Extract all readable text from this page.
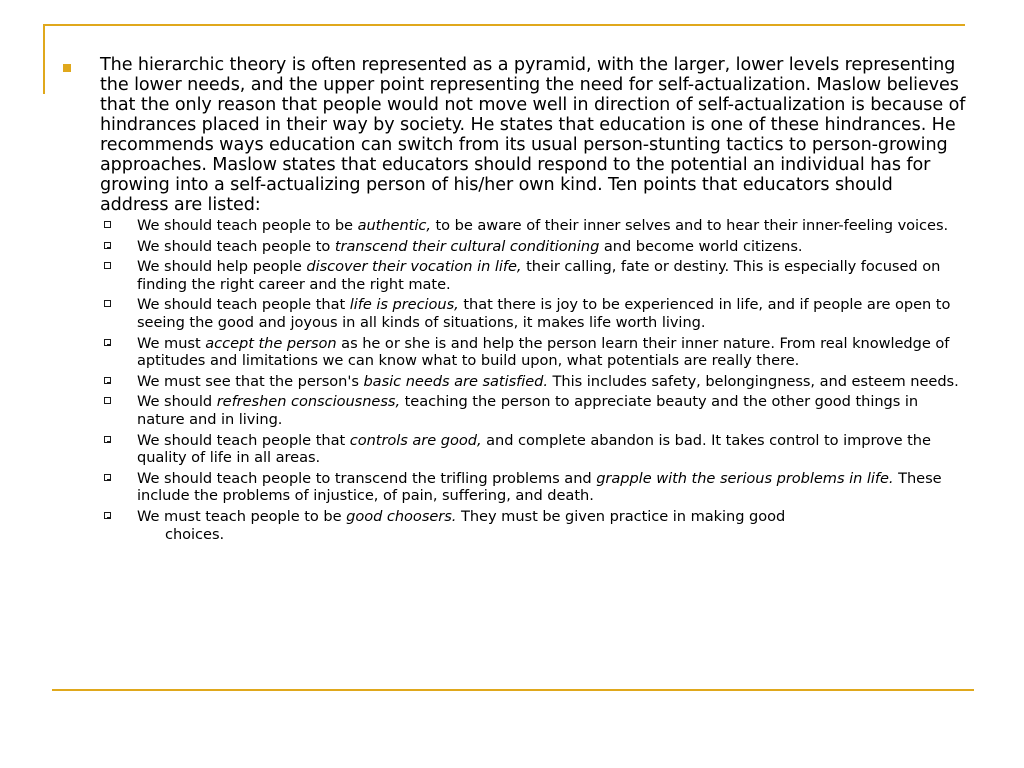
The hierarchic theory is often represented as a pyramid, with the larger, lower levels representing the lower needs, and the upper point representing the need for self-actualization. Maslow believes that the only reason that people would not move well in direction of self-actualization is because of hindrances placed in their way by society. He states that education is one of these hindrances. He recommends ways education can switch from its usual person-stunting tactics to person-growing approaches. Maslow states that educators should respond to the potential an individual has for growing into a self-actualizing person of his/her own kind. Ten points that educators should address are listed:
We should teach people to be authentic, to be aware of their inner selves and to hear their inner-feeling voices.
We should teach people to transcend their cultural conditioning and become world citizens.
We should help people discover their vocation in life, their calling, fate or destiny. This is especially focused on finding the right career and the right mate.
We should teach people that life is precious, that there is joy to be experienced in life, and if people are open to seeing the good and joyous in all kinds of situations, it makes life worth living.
We must accept the person as he or she is and help the person learn their inner nature. From real knowledge of aptitudes and limitations we can know what to build upon, what potentials are really there.
We must see that the person's basic needs are satisfied. This includes safety, belongingness, and esteem needs.
We should refreshen consciousness, teaching the person to appreciate beauty and the other good things in nature and in living.
We should teach people that controls are good, and complete abandon is bad. It takes control to improve the quality of life in all areas.
We should teach people to transcend the trifling problems and grapple with the serious problems in life. These include the problems of injustice, of pain, suffering, and death.
We must teach people to be good choosers. They must be given practice in making good
choices.
